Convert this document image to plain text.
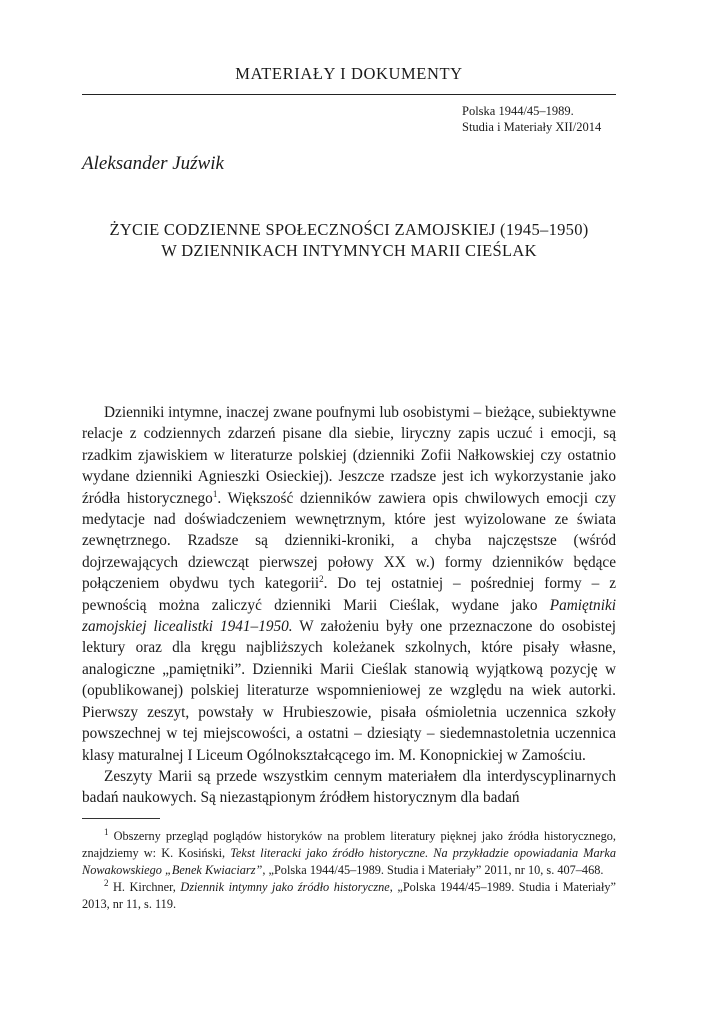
MATERIAŁY I DOKUMENTY
Polska 1944/45–1989.
Studia i Materiały XII/2014
Aleksander Juźwik
ŻYCIE CODZIENNE SPOŁECZNOŚCI ZAMOJSKIEJ (1945–1950)
W DZIENNIKACH INTYMNYCH MARII CIEŚLAK

Dzienniki intymne, inaczej zwane poufnymi lub osobistymi – bieżące, subiektywne relacje z codziennych zdarzeń pisane dla siebie, liryczny zapis uczuć i emocji, są rzadkim zjawiskiem w literaturze polskiej (dzienniki Zofii Nałkowskiej czy ostatnio wydane dzienniki Agnieszki Osieckiej). Jeszcze rzadsze jest ich wykorzystanie jako źródła historycznego$^1$. Większość dzienników zawiera opis chwilowych emocji czy medytacje nad doświadczeniem wewnętrznym, które jest wyizolowane ze świata zewnętrznego. Rzadsze są dzienniki-kroniki, a chyba najczęstsze (wśród dojrzewających dziewcząt pierwszej połowy XX w.) formy dzienników będące połączeniem obydwu tych kategorii$^2$. Do tej ostatniej – pośredniej formy – z pewnością można zaliczyć dzienniki Marii Cieślak, wydane jako Pamiętniki zamojskiej licealistki 1941–1950. W założeniu były one przeznaczone do osobistej lektury oraz dla kręgu najbliższych koleżanek szkolnych, które pisały własne, analogiczne „pamiętniki”. Dzienniki Marii Cieślak stanowią wyjątkową pozycję w (opublikowanej) polskiej literaturze wspomnieniowej ze względu na wiek autorki. Pierwszy zeszyt, powstały w Hrubieszowie, pisała ośmioletnia uczennica szkoły powszechnej w tej miejscowości, a ostatni – dziesiąty – siedemnastoletnia uczennica klasy maturalnej I Liceum Ogólnokształcącego im. M. Konopnickiej w Zamościu.

Zeszyty Marii są przede wszystkim cennym materiałem dla interdyscyplinarnych badań naukowych. Są niezastąpionym źródłem historycznym dla badań

$^1$ Obszerny przegląd poglądów historyków na problem literatury pięknej jako źródła historycznego, znajdziemy w: K. Kosiński, Tekst literacki jako źródło historyczne. Na przykładzie opowiadania Marka Nowakowskiego „Benek Kwiaciarz”, „Polska 1944/45–1989. Studia i Materiały” 2011, nr 10, s. 407–468.

$^2$ H. Kirchner, Dziennik intymny jako źródło historyczne, „Polska 1944/45–1989. Studia i Materiały” 2013, nr 11, s. 119.
